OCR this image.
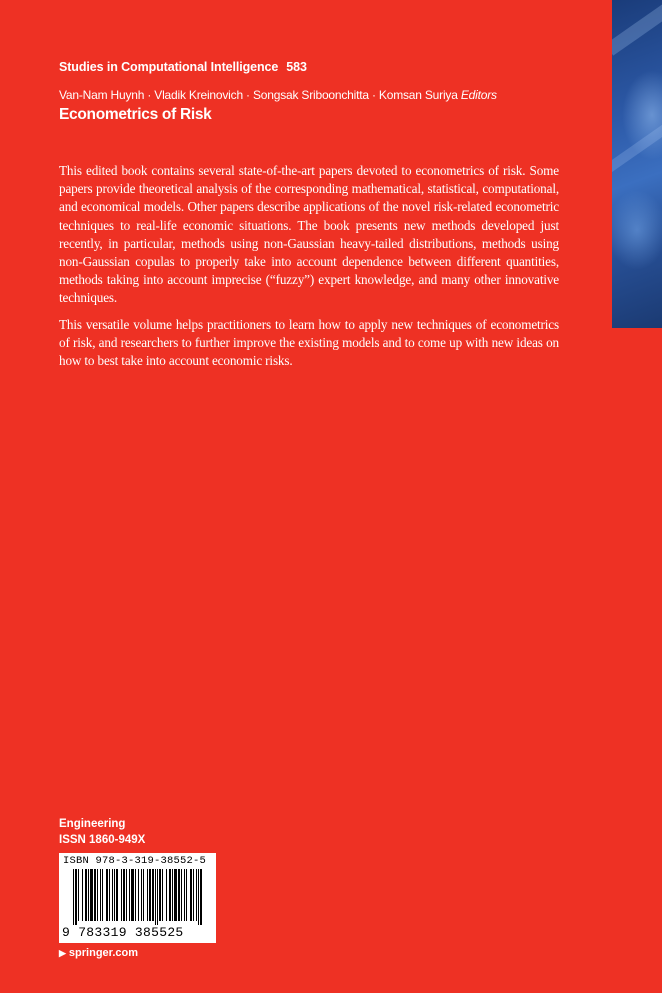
Studies in Computational Intelligence 583
Van-Nam Huynh · Vladik Kreinovich · Songsak Sriboonchitta · Komsan Suriya Editors
Econometrics of Risk

This edited book contains several state-of-the-art papers devoted to econometrics of risk. Some papers provide theoretical analysis of the corresponding mathematical, statistical, computational, and economical models. Other papers describe applications of the novel risk-related econometric techniques to real-life economic situations. The book presents new methods developed just recently, in particular, methods using non-Gaussian heavy-tailed distributions, methods using non-Gaussian copulas to properly take into account dependence between different quantities, methods taking into account imprecise (“fuzzy”) expert knowledge, and many other innovative techniques.

This versatile volume helps practitioners to learn how to apply new techniques of econometrics of risk, and researchers to further improve the existing models and to come up with new ideas on how to best take into account economic risks.

Engineering
ISSN 1860-949X
ISBN 978-3-319-38552-5
9 783319 385525
▶ springer.com
